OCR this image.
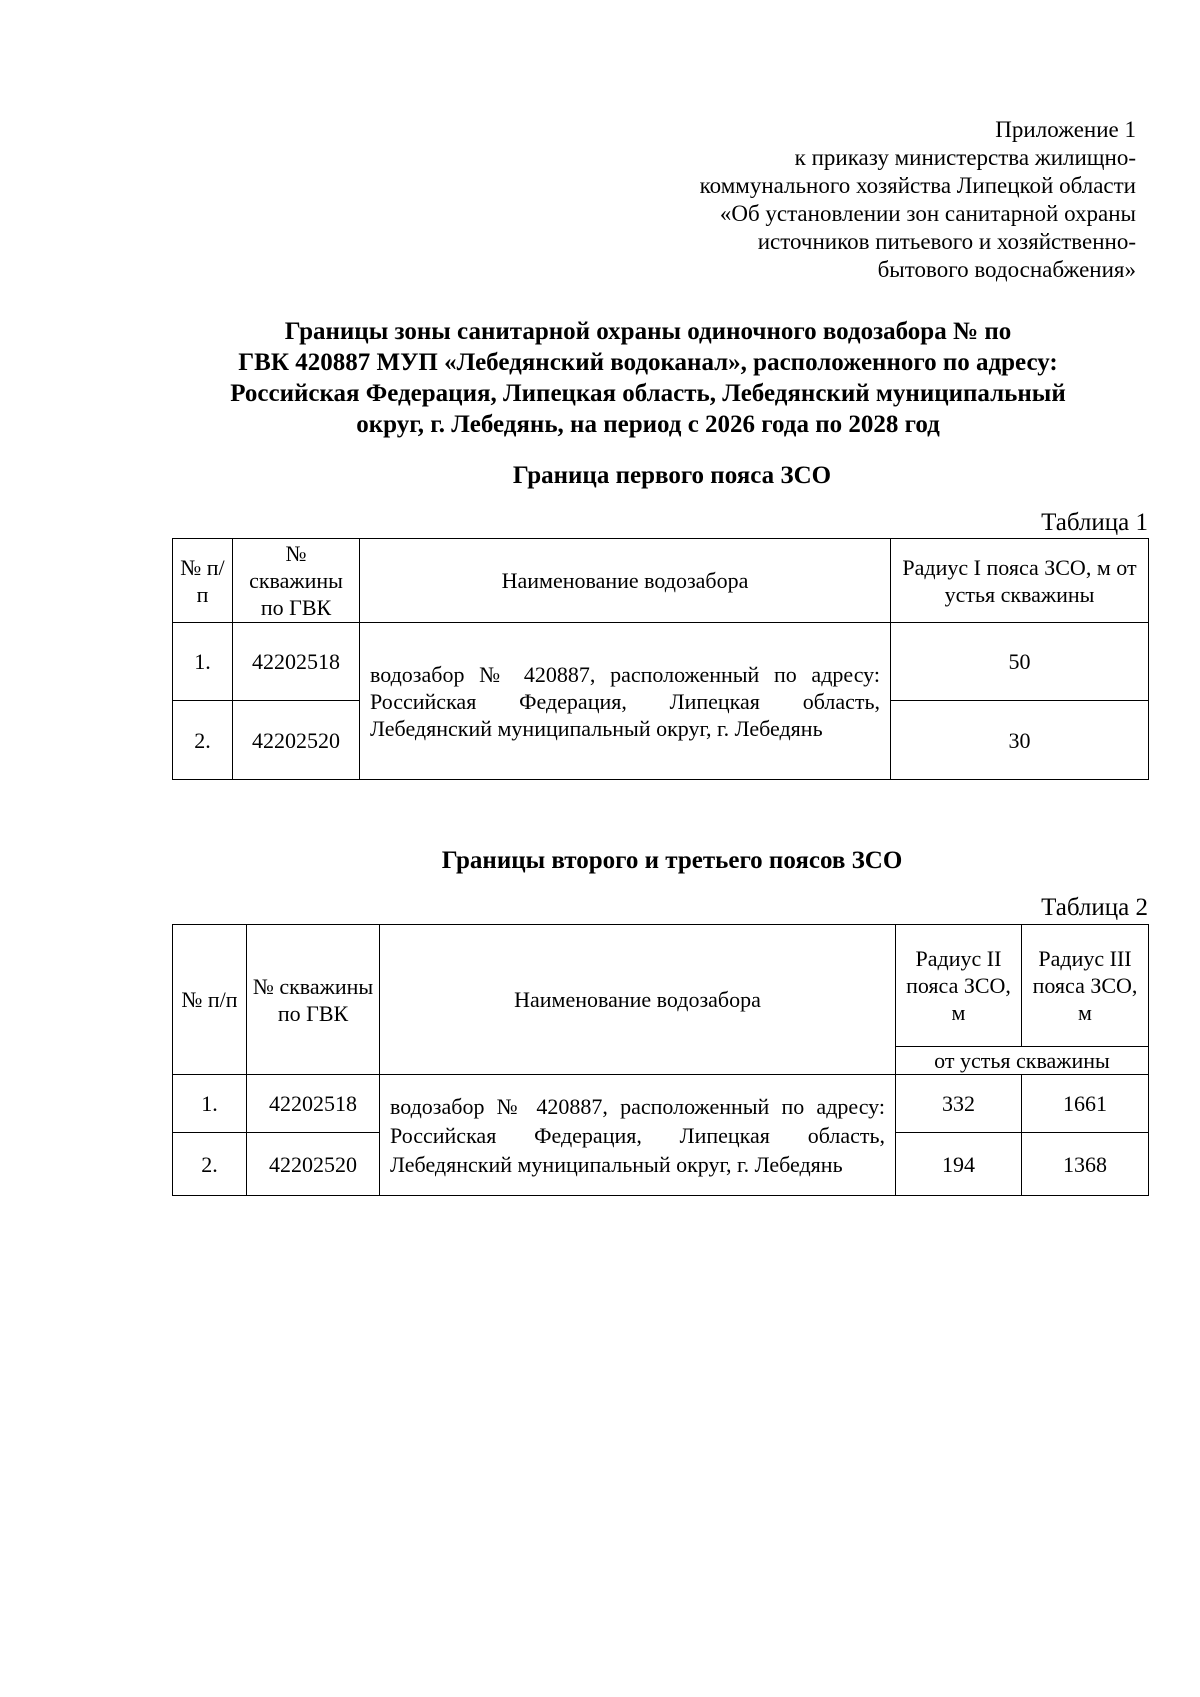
Приложение 1
к приказу министерства жилищно-
коммунального хозяйства Липецкой области
«Об установлении зон санитарной охраны
источников питьевого и хозяйственно-
бытового водоснабжения»
Границы зоны санитарной охраны одиночного водозабора № по
ГВК 420887 МУП «Лебедянский водоканал», расположенного по адресу:
Российская Федерация, Липецкая область, Лебедянский муниципальный
округ, г. Лебедянь, на период с 2026 года по 2028 год
Граница первого пояса ЗСО
Таблица 1
№ п/п	№ скважины по ГВК	Наименование водозабора	Радиус I пояса ЗСО, м от устья скважины
1.	42202518	водозабор № 420887, расположенный по адресу: Российская Федерация, Липецкая область, Лебедянский муниципальный округ, г. Лебедянь	50
2.	42202520		30
Границы второго и третьего поясов ЗСО
Таблица 2
№ п/п	№ скважины по ГВК	Наименование водозабора	Радиус II пояса ЗСО, м	Радиус III пояса ЗСО, м
			от устья скважины	
1.	42202518	водозабор № 420887, расположенный по адресу: Российская Федерация, Липецкая область, Лебедянский муниципальный округ, г. Лебедянь	332	1661
2.	42202520		194	1368
